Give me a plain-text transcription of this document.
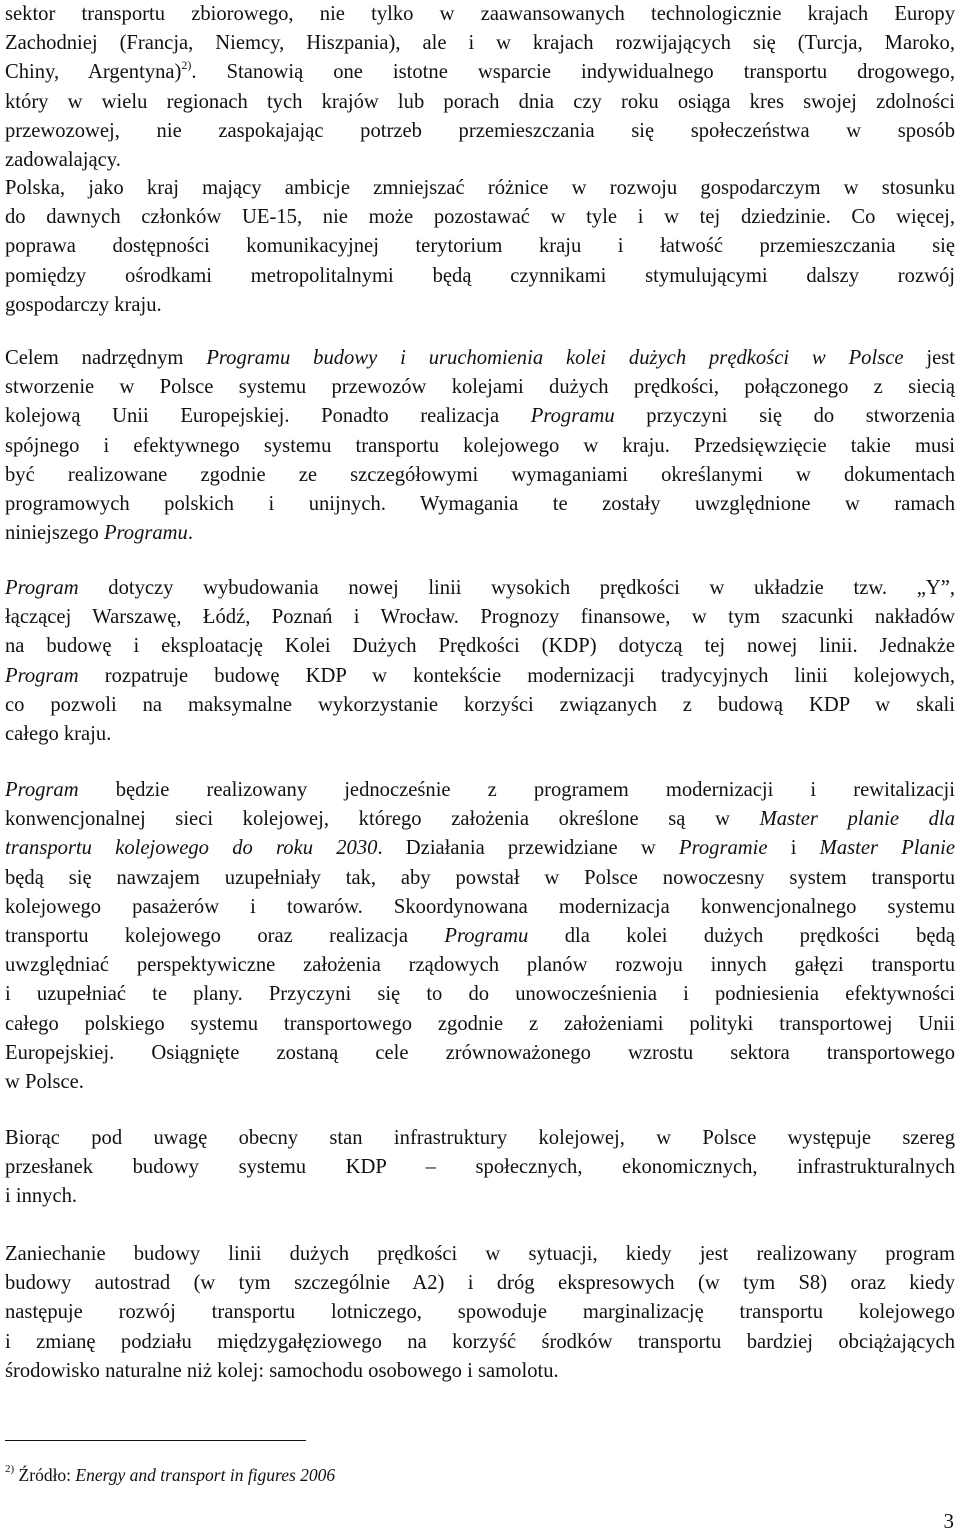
sektor transportu zbiorowego, nie tylko w zaawansowanych technologicznie krajach Europy
Zachodniej (Francja, Niemcy, Hiszpania), ale i w krajach rozwijających się (Turcja, Maroko,
Chiny, Argentyna)$^{2)}$. Stanowią one istotne wsparcie indywidualnego transportu drogowego,
który w wielu regionach tych krajów lub porach dnia czy roku osiąga kres swojej zdolności
przewozowej, nie zaspokajając potrzeb przemieszczania się społeczeństwa w sposób
zadowalający.
Polska, jako kraj mający ambicje zmniejszać różnice w rozwoju gospodarczym w stosunku
do dawnych członków UE-15, nie może pozostawać w tyle i w tej dziedzinie. Co więcej,
poprawa dostępności komunikacyjnej terytorium kraju i łatwość przemieszczania się
pomiędzy ośrodkami metropolitalnymi będą czynnikami stymulującymi dalszy rozwój
gospodarczy kraju.
Celem nadrzędnym Programu budowy i uruchomienia kolei dużych prędkości w Polsce jest
stworzenie w Polsce systemu przewozów kolejami dużych prędkości, połączonego z siecią
kolejową Unii Europejskiej. Ponadto realizacja Programu przyczyni się do stworzenia
spójnego i efektywnego systemu transportu kolejowego w kraju. Przedsięwzięcie takie musi
być realizowane zgodnie ze szczegółowymi wymaganiami określanymi w dokumentach
programowych polskich i unijnych. Wymagania te zostały uwzględnione w ramach
niniejszego Programu.
Program dotyczy wybudowania nowej linii wysokich prędkości w układzie tzw. „Y”,
łączącej Warszawę, Łódź, Poznań i Wrocław. Prognozy finansowe, w tym szacunki nakładów
na budowę i eksploatację Kolei Dużych Prędkości (KDP) dotyczą tej nowej linii. Jednakże
Program rozpatruje budowę KDP w kontekście modernizacji tradycyjnych linii kolejowych,
co pozwoli na maksymalne wykorzystanie korzyści związanych z budową KDP w skali
całego kraju.
Program będzie realizowany jednocześnie z programem modernizacji i rewitalizacji
konwencjonalnej sieci kolejowej, którego założenia określone są w Master planie dla
transportu kolejowego do roku 2030. Działania przewidziane w Programie i Master Planie
będą się nawzajem uzupełniały tak, aby powstał w Polsce nowoczesny system transportu
kolejowego pasażerów i towarów. Skoordynowana modernizacja konwencjonalnego systemu
transportu kolejowego oraz realizacja Programu dla kolei dużych prędkości będą
uwzględniać perspektywiczne założenia rządowych planów rozwoju innych gałęzi transportu
i uzupełniać te plany. Przyczyni się to do unowocześnienia i podniesienia efektywności
całego polskiego systemu transportowego zgodnie z założeniami polityki transportowej Unii
Europejskiej. Osiągnięte zostaną cele zrównoważonego wzrostu sektora transportowego
w Polsce.
Biorąc pod uwagę obecny stan infrastruktury kolejowej, w Polsce występuje szereg
przesłanek budowy systemu KDP – społecznych, ekonomicznych, infrastrukturalnych
i innych.
Zaniechanie budowy linii dużych prędkości w sytuacji, kiedy jest realizowany program
budowy autostrad (w tym szczególnie A2) i dróg ekspresowych (w tym S8) oraz kiedy
następuje rozwój transportu lotniczego, spowoduje marginalizację transportu kolejowego
i zmianę podziału międzygałęziowego na korzyść środków transportu bardziej obciążających
środowisko naturalne niż kolej: samochodu osobowego i samolotu.
$^{2)}$ Źródło: Energy and transport in figures 2006
3
